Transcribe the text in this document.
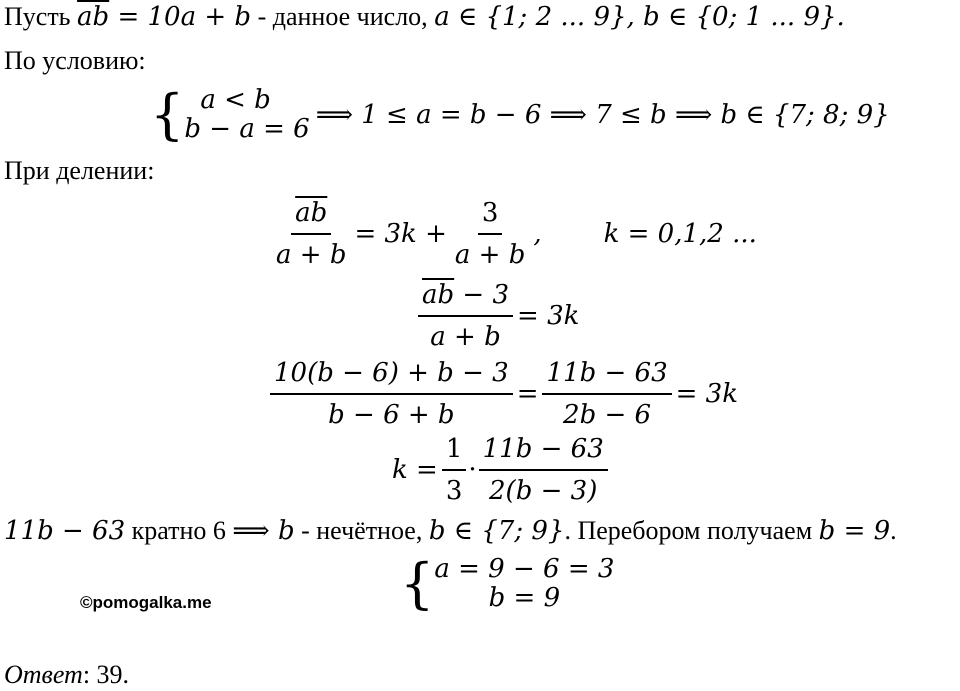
Пусть $\overline{ab} = 10a + b$ - данное число, a ∈ {1; 2 ... 9}, b ∈ {0; 1 ... 9}.
По условию:
{ a < b
b − a = 6 ⟹ 1 ≤ a = b − 6 ⟹ 7 ≤ b ⟹ b ∈ {7; 8; 9}
При делении:
$\frac{\overline{ab}}{a + b} = 3k + \frac{3}{a + b}$ , k = 0,1,2 ...
$\frac{\overline{ab} - 3}{a + b} = 3k$
$\frac{10(b - 6) + b - 3}{b - 6 + b} = \frac{11b - 63}{2b - 6} = 3k$
$k = \frac{1}{3} \cdot \frac{11b - 63}{2(b - 3)}$
11b − 63 кратно 6 ⟹ b - нечётное, b ∈ {7; 9}. Перебором получаем b = 9.
{ a = 9 − 6 = 3
b = 9
©pomogalka.me
Ответ: 39.
